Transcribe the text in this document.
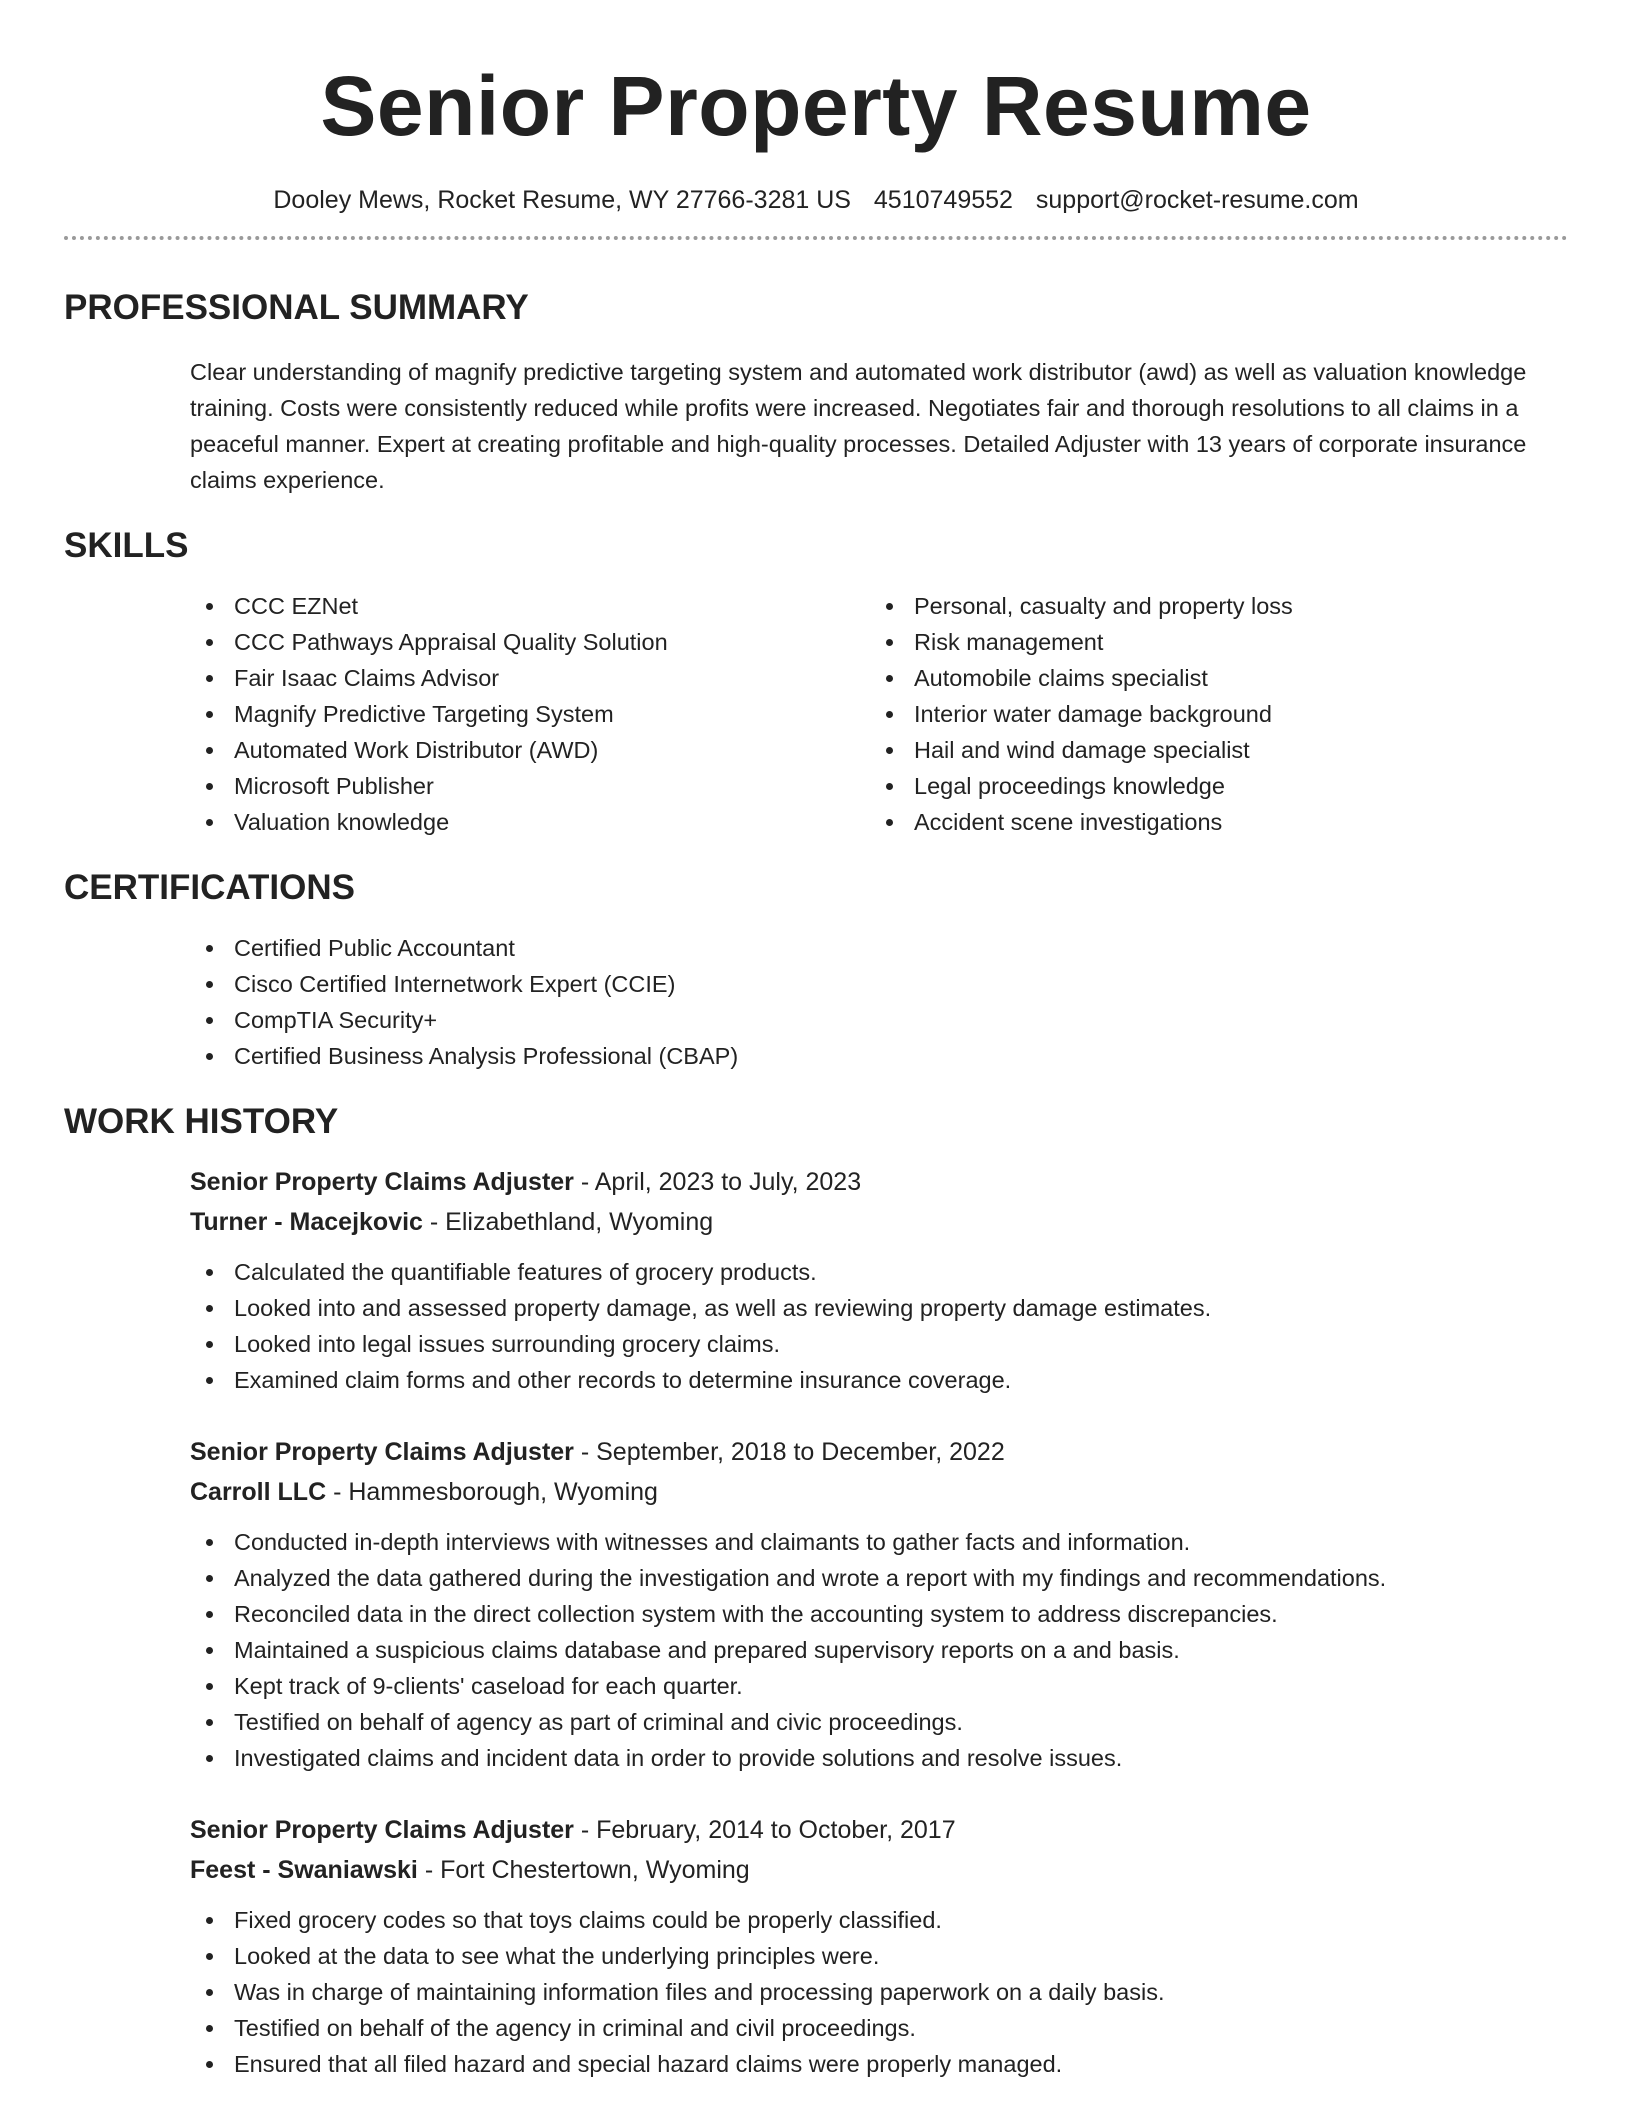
Senior Property Resume
Dooley Mews, Rocket Resume, WY 27766-3281 US 4510749552 support@rocket-resume.com
PROFESSIONAL SUMMARY

Clear understanding of magnify predictive targeting system and automated work distributor (awd) as well as valuation knowledge training. Costs were consistently reduced while profits were increased. Negotiates fair and thorough resolutions to all claims in a peaceful manner. Expert at creating profitable and high-quality processes. Detailed Adjuster with 13 years of corporate insurance claims experience.

SKILLS
CCC EZNet
CCC Pathways Appraisal Quality Solution
Fair Isaac Claims Advisor
Magnify Predictive Targeting System
Automated Work Distributor (AWD)
Microsoft Publisher
Valuation knowledge
Personal, casualty and property loss
Risk management
Automobile claims specialist
Interior water damage background
Hail and wind damage specialist
Legal proceedings knowledge
Accident scene investigations
CERTIFICATIONS
Certified Public Accountant
Cisco Certified Internetwork Expert (CCIE)
CompTIA Security+
Certified Business Analysis Professional (CBAP)
WORK HISTORY
Senior Property Claims Adjuster - April, 2023 to July, 2023
Turner - Macejkovic - Elizabethland, Wyoming
Calculated the quantifiable features of grocery products.
Looked into and assessed property damage, as well as reviewing property damage estimates.
Looked into legal issues surrounding grocery claims.
Examined claim forms and other records to determine insurance coverage.
Senior Property Claims Adjuster - September, 2018 to December, 2022
Carroll LLC - Hammesborough, Wyoming
Conducted in-depth interviews with witnesses and claimants to gather facts and information.
Analyzed the data gathered during the investigation and wrote a report with my findings and recommendations.
Reconciled data in the direct collection system with the accounting system to address discrepancies.
Maintained a suspicious claims database and prepared supervisory reports on a and basis.
Kept track of 9-clients' caseload for each quarter.
Testified on behalf of agency as part of criminal and civic proceedings.
Investigated claims and incident data in order to provide solutions and resolve issues.
Senior Property Claims Adjuster - February, 2014 to October, 2017
Feest - Swaniawski - Fort Chestertown, Wyoming
Fixed grocery codes so that toys claims could be properly classified.
Looked at the data to see what the underlying principles were.
Was in charge of maintaining information files and processing paperwork on a daily basis.
Testified on behalf of the agency in criminal and civil proceedings.
Ensured that all filed hazard and special hazard claims were properly managed.
